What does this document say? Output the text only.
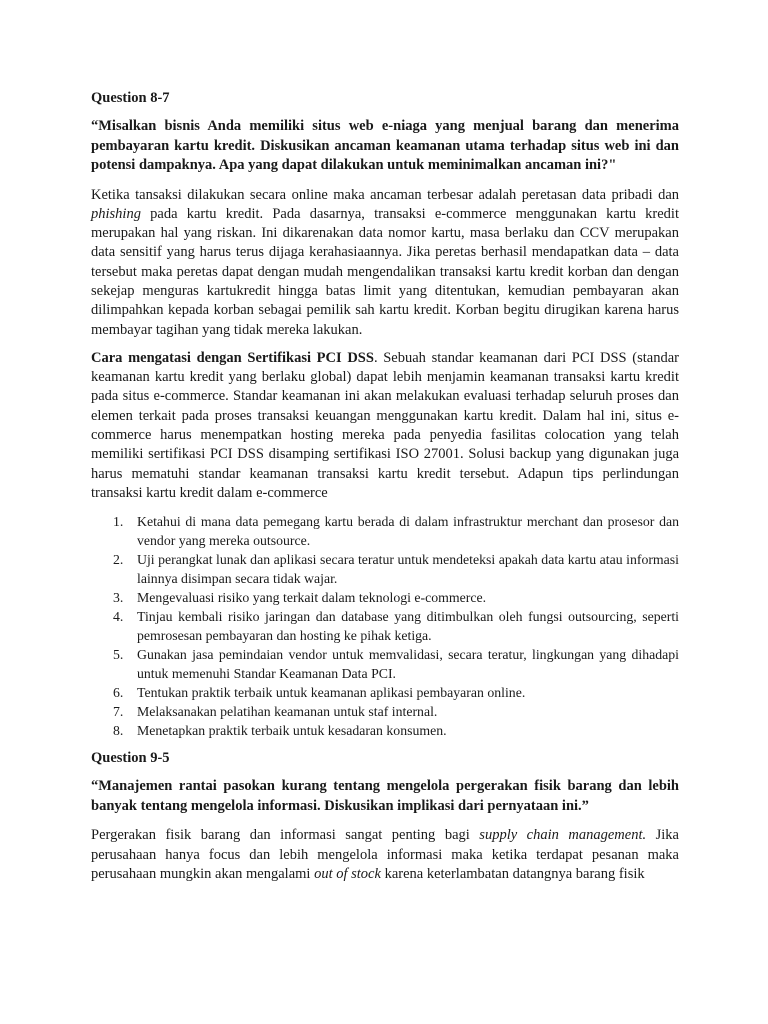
Question 8-7

“Misalkan bisnis Anda memiliki situs web e-niaga yang menjual barang dan menerima pembayaran kartu kredit. Diskusikan ancaman keamanan utama terhadap situs web ini dan potensi dampaknya. Apa yang dapat dilakukan untuk meminimalkan ancaman ini?"

Ketika tansaksi dilakukan secara online maka ancaman terbesar adalah peretasan data pribadi dan phishing pada kartu kredit. Pada dasarnya, transaksi e-commerce menggunakan kartu kredit merupakan hal yang riskan. Ini dikarenakan data nomor kartu, masa berlaku dan CCV merupakan data sensitif yang harus terus dijaga kerahasiaannya. Jika peretas berhasil mendapatkan data – data tersebut maka peretas dapat dengan mudah mengendalikan transaksi kartu kredit korban dan dengan sekejap menguras kartukredit hingga batas limit yang ditentukan, kemudian pembayaran akan dilimpahkan kepada korban sebagai pemilik sah kartu kredit. Korban begitu dirugikan karena harus membayar tagihan yang tidak mereka lakukan.

Cara mengatasi dengan Sertifikasi PCI DSS. Sebuah standar keamanan dari PCI DSS (standar keamanan kartu kredit yang berlaku global) dapat lebih menjamin keamanan transaksi kartu kredit pada situs e-commerce. Standar keamanan ini akan melakukan evaluasi terhadap seluruh proses dan elemen terkait pada proses transaksi keuangan menggunakan kartu kredit. Dalam hal ini, situs e-commerce harus menempatkan hosting mereka pada penyedia fasilitas colocation yang telah memiliki sertifikasi PCI DSS disamping sertifikasi ISO 27001. Solusi backup yang digunakan juga harus mematuhi standar keamanan transaksi kartu kredit tersebut. Adapun tips perlindungan transaksi kartu kredit dalam e-commerce

1. Ketahui di mana data pemegang kartu berada di dalam infrastruktur merchant dan prosesor dan vendor yang mereka outsource.
2. Uji perangkat lunak dan aplikasi secara teratur untuk mendeteksi apakah data kartu atau informasi lainnya disimpan secara tidak wajar.
3. Mengevaluasi risiko yang terkait dalam teknologi e-commerce.
4. Tinjau kembali risiko jaringan dan database yang ditimbulkan oleh fungsi outsourcing, seperti pemrosesan pembayaran dan hosting ke pihak ketiga.
5. Gunakan jasa pemindaian vendor untuk memvalidasi, secara teratur, lingkungan yang dihadapi untuk memenuhi Standar Keamanan Data PCI.
6. Tentukan praktik terbaik untuk keamanan aplikasi pembayaran online.
7. Melaksanakan pelatihan keamanan untuk staf internal.
8. Menetapkan praktik terbaik untuk kesadaran konsumen.
Question 9-5

“Manajemen rantai pasokan kurang tentang mengelola pergerakan fisik barang dan lebih banyak tentang mengelola informasi. Diskusikan implikasi dari pernyataan ini.”

Pergerakan fisik barang dan informasi sangat penting bagi supply chain management. Jika perusahaan hanya focus dan lebih mengelola informasi maka ketika terdapat pesanan maka perusahaan mungkin akan mengalami out of stock karena keterlambatan datangnya barang fisik
